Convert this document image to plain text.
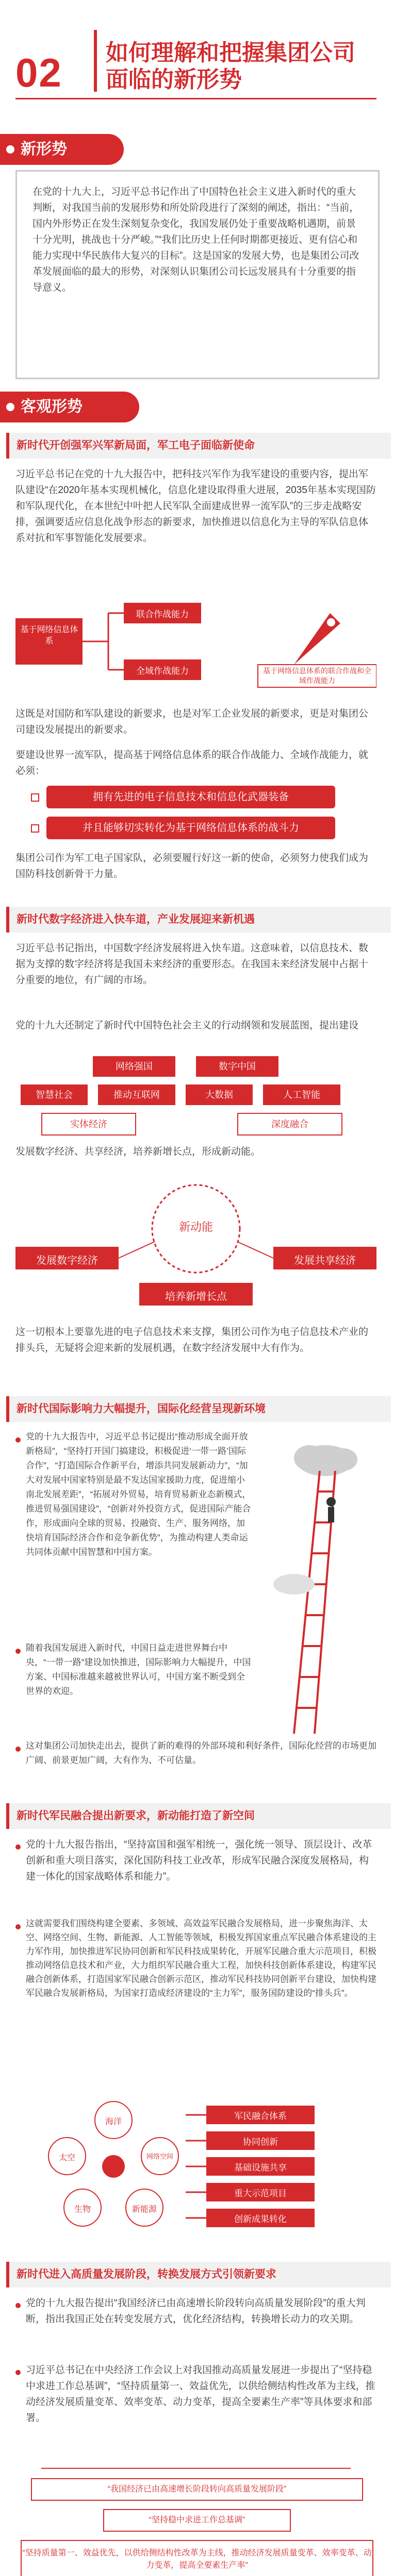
02 如何理解和把握集团公司
面临的新形势
新形势

在党的十九大上，习近平总书记作出了中国特色社会主义进入新时代的重大判断，对我国当前的发展形势和所处阶段进行了深刻的阐述，指出：“当前，国内外形势正在发生深刻复杂变化，我国发展仍处于重要战略机遇期，前景十分光明，挑战也十分严峻。”“我们比历史上任何时期都更接近、更有信心和能力实现中华民族伟大复兴的目标”。这是国家的发展大势，也是集团公司改革发展面临的最大的形势，对深刻认识集团公司长远发展具有十分重要的指导意义。

客观形势
新时代开创强军兴军新局面，军工电子面临新使命

习近平总书记在党的十九大报告中，把科技兴军作为我军建设的重要内容，提出军队建设“在2020年基本实现机械化，信息化建设取得重大进展，2035年基本实现国防和军队现代化，在本世纪中叶把人民军队全面建成世界一流军队”的三步走战略安排，强调要适应信息化战争形态的新要求，加快推进以信息化为主导的军队信息体系对抗和军事智能化发展要求。

基于网络信息体系
联合作战能力
全域作战能力	基于网络信息体系的联合作战和全域作战能力

这既是对国防和军队建设的新要求，也是对军工企业发展的新要求，更是对集团公司建设发展提出的新要求。

要建设世界一流军队，提高基于网络信息体系的联合作战能力、全域作战能力，就必须：

拥有先进的电子信息技术和信息化武器装备
并且能够切实转化为基于网络信息体系的战斗力

集团公司作为军工电子国家队，必须要履行好这一新的使命，必须努力使我们成为国防科技创新骨干力量。

新时代数字经济进入快车道，产业发展迎来新机遇

习近平总书记指出，中国数字经济发展将进入快车道。这意味着，以信息技术、数据为支撑的数字经济将是我国未来经济的重要形态。在我国未来经济发展中占据十分重要的地位，有广阔的市场。

党的十九大还制定了新时代中国特色社会主义的行动纲领和发展蓝图，提出建设

网络强国	数字中国
智慧社会	推动互联网	大数据	人工智能
实体经济	深度融合

发展数字经济、共享经济，培养新增长点，形成新动能。

新动能
发展数字经济	发展共享经济
培养新增长点

这一切根本上要靠先进的电子信息技术来支撑，集团公司作为电子信息技术产业的排头兵，无疑将会迎来新的发展机遇，在数字经济发展中大有作为。

新时代国际影响力大幅提升，国际化经营呈现新环境

党的十九大报告中，习近平总书记提出“推动形成全面开放新格局”，“坚持打开国门搞建设，积极促进‘一带一路’国际合作”，“打造国际合作新平台，增添共同发展新动力”，“加大对发展中国家特别是最不发达国家援助力度，促进缩小南北发展差距”，“拓展对外贸易，培育贸易新业态新模式，推进贸易强国建设”，“创新对外投资方式，促进国际产能合作，形成面向全球的贸易、投融资、生产、服务网络，加快培育国际经济合作和竞争新优势”，为推动构建人类命运共同体贡献中国智慧和中国方案。

随着我国发展进入新时代，中国日益走进世界舞台中央，“一带一路”建设加快推进，国际影响力大幅提升，中国方案、中国标准越来越被世界认可，中国方案不断受到全世界的欢迎。

这对集团公司加快走出去，提供了新的难得的外部环境和利好条件，国际化经营的市场更加广阔、前景更加广阔，大有作为、不可估量。

新时代军民融合提出新要求，新动能打造了新空间

党的十九大报告指出，“坚持富国和强军相统一，强化统一领导、顶层设计、改革创新和重大项目落实，深化国防科技工业改革，形成军民融合深度发展格局，构建一体化的国家战略体系和能力”。

这就需要我们围绕构建全要素、多领域、高效益军民融合发展格局，进一步聚焦海洋、太空、网络空间、生物、新能源、人工智能等领域，积极发挥国家重点军民融合体系建设的主力军作用，加快推进军民协同创新和军民科技成果转化，开展军民融合重大示范项目，积极推动网络信息技术和产业，大力组织军民融合重大工程，加快科技创新体系建设，构建军民融合创新体系，打造国家军民融合创新示范区，推动军民科技协同创新平台建设，加快构建军民融合发展新格局，为国家打造成经济建设的“主力军”，服务国防建设的“排头兵”。

海洋
太空	网络空间
生物	新能源
军民融合体系
协同创新
基础设施共享
重大示范项目
创新成果转化
新时代进入高质量发展阶段，转换发展方式引领新要求

党的十九大报告提出“我国经济已由高速增长阶段转向高质量发展阶段”的重大判断，指出我国正处在转变发展方式，优化经济结构，转换增长动力的攻关期。

习近平总书记在中央经济工作会议上对我国推动高质量发展进一步提出了“坚持稳中求进工作总基调”，“坚持质量第一、效益优先，以供给侧结构性改革为主线，推动经济发展质量变革、效率变革、动力变革，提高全要素生产率”等具体要求和部署。

“我国经济已由高速增长阶段转向高质量发展阶段”
“坚持稳中求进工作总基调”
“坚持质量第一、效益优先，以供给侧结构性改革为主线，推动经济发展质量变革、效率变革、动力变革，提高全要素生产率”
